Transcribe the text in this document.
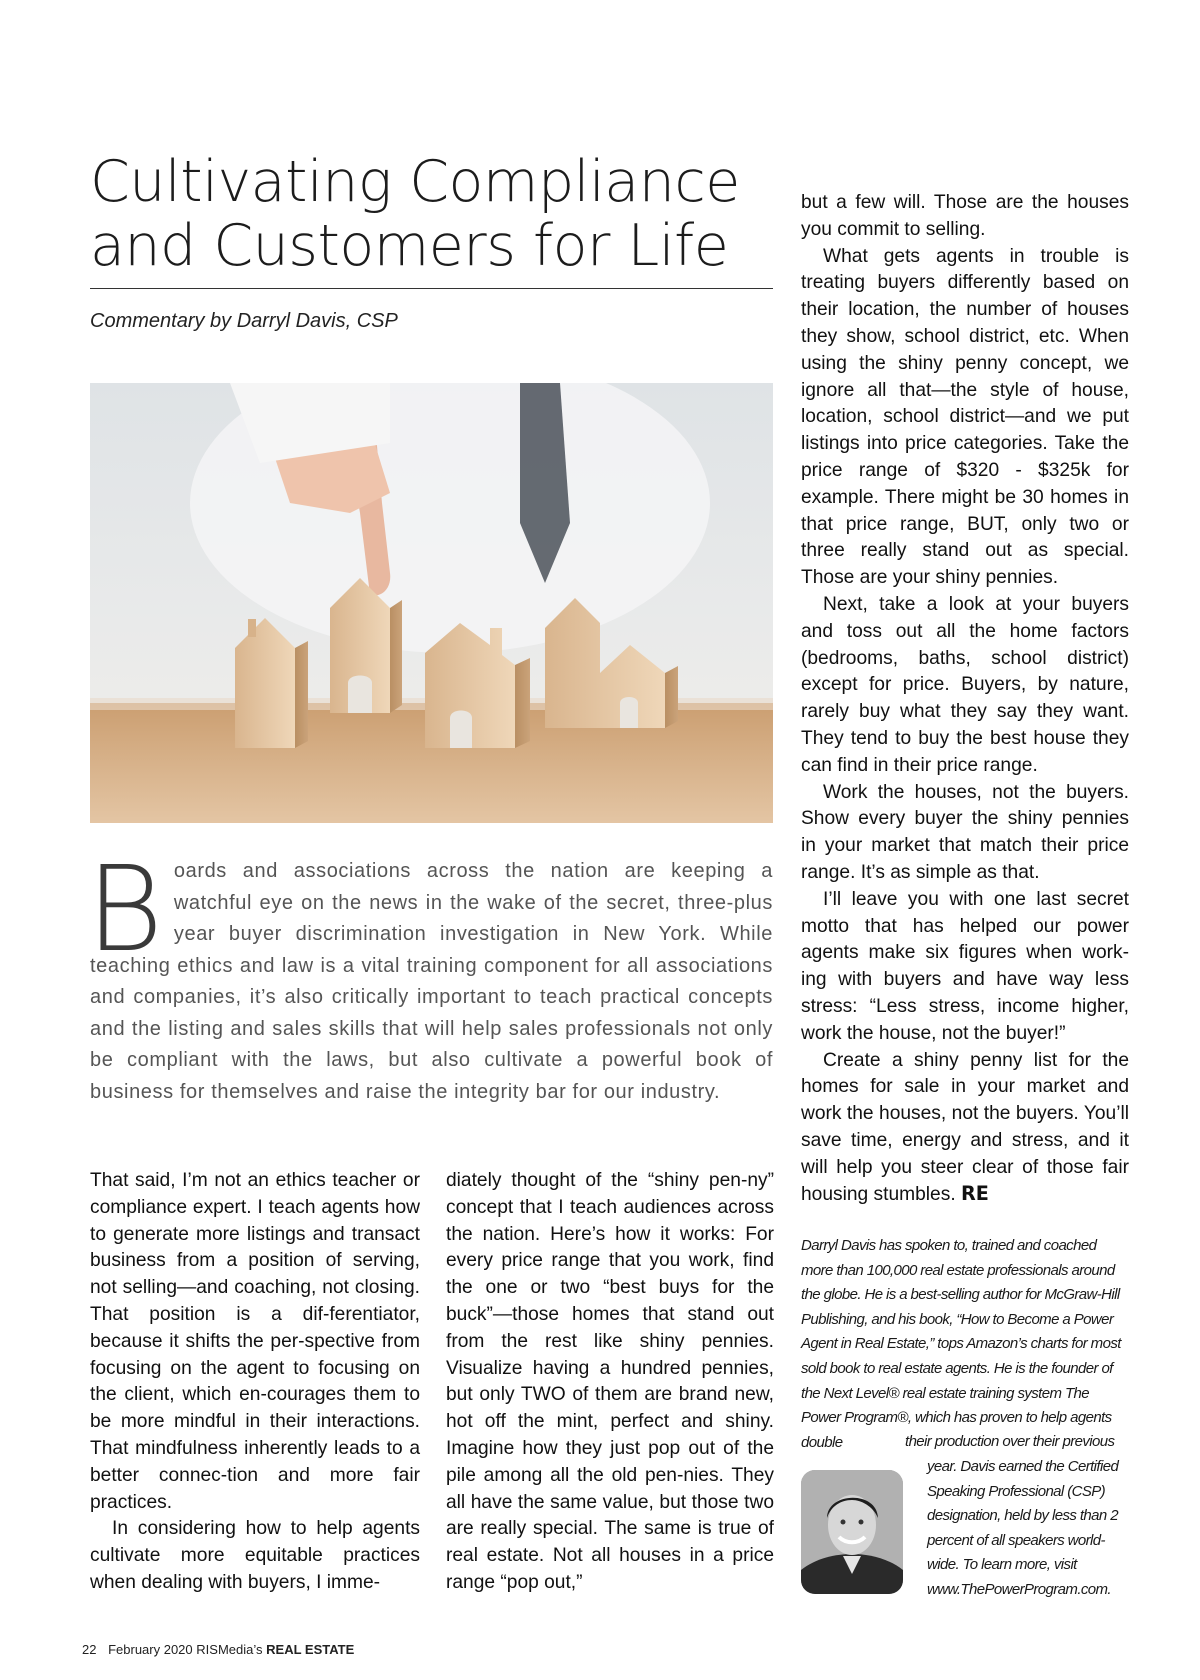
Cultivating Compliance
and Customers for Life
Commentary by Darryl Davis, CSP

Boards and associations across the nation are keeping a watchful eye on the news in the wake of the secret, three-plus year buyer discrimination investigation in New York. While teaching ethics and law is a vital training component for all associations and companies, it’s also critically important to teach practical concepts and the listing and sales skills that will help sales professionals not only be compliant with the laws, but also cultivate a powerful book of business for themselves and raise the integrity bar for our industry.

That said, I’m not an ethics teacher or compliance expert. I teach agents how to generate more listings and transact business from a position of serving, not selling—and coaching, not closing. That position is a dif-ferentiator, because it shifts the per-spective from focusing on the agent to focusing on the client, which en-courages them to be more mindful in their interactions. That mindfulness inherently leads to a better connec-tion and more fair practices.

In considering how to help agents cultivate more equitable practices when dealing with buyers, I imme-

diately thought of the “shiny pen-ny” concept that I teach audiences across the nation. Here’s how it works: For every price range that you work, find the one or two “best buys for the buck”—those homes that stand out from the rest like shiny pennies. Visualize having a hundred pennies, but only TWO of them are brand new, hot off the mint, perfect and shiny. Imagine how they just pop out of the pile among all the old pen-nies. They all have the same value, but those two are really special. The same is true of real estate. Not all houses in a price range “pop out,”

but a few will. Those are the houses you commit to selling.

What gets agents in trouble is treating buyers differently based on their location, the number of houses they show, school district, etc. When using the shiny penny concept, we ignore all that—the style of house, location, school district—and we put listings into price categories. Take the price range of $320 - $325k for example. There might be 30 homes in that price range, BUT, only two or three really stand out as special. Those are your shiny pennies.

Next, take a look at your buyers and toss out all the home factors (bedrooms, baths, school district) except for price. Buyers, by nature, rarely buy what they say they want. They tend to buy the best house they can find in their price range.

Work the houses, not the buyers. Show every buyer the shiny pennies in your market that match their price range. It’s as simple as that.

I’ll leave you with one last secret motto that has helped our power agents make six figures when work-ing with buyers and have way less stress: “Less stress, income higher, work the house, not the buyer!”

Create a shiny penny list for the homes for sale in your market and work the houses, not the buyers. You’ll save time, energy and stress, and it will help you steer clear of those fair housing stumbles. RE

Darryl Davis has spoken to, trained and coached more than 100,000 real estate professionals around the globe. He is a best-selling author for McGraw-Hill Publishing, and his book, “How to Become a Power Agent in Real Estate,” tops Amazon’s charts for most sold book to real estate agents. He is the founder of the Next Level® real estate training system The Power Program®, which has proven to help agents double	their production over their previous

year. Davis earned the Certified Speaking Professional (CSP) designation, held by less than 2 percent of all speakers world-wide. To learn more, visit www.ThePowerProgram.com.

22 February 2020 RISMedia’s REAL ESTATE
